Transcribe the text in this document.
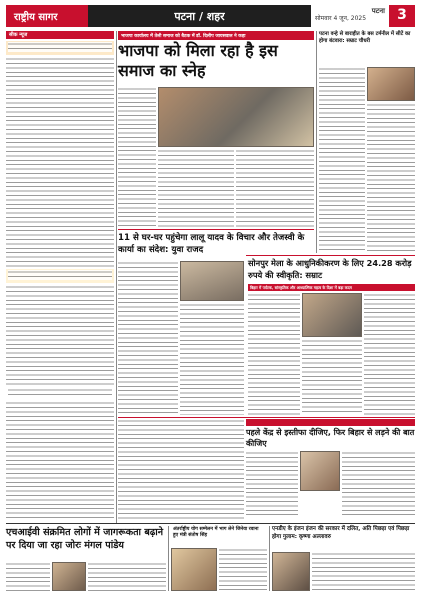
राष्ट्रीय सागर	पटना / शहर	पटना
सोमवार 4 जून, 2025	3
सीक न्यूज	भाजपा कार्यालय में तेली समाज को बैठक में डॉ. दिलीप जायसवाल ने कहा
भाजपा को मिला रहा है इस समाज का स्नेह
11 से घर-घर पहुंचेगा लालू यादव के विचार और तेजस्वी के कार्या का संदेश: युवा राजद
पटना वन्हे से बाराहीत के बस टर्मनील में सीटें का होगा बंटवारा: सम्राट चौधरी
सोनपुर मेला के आधुनिकीकरण के लिए 24.28 करोड़ रुपये की स्वीकृति: सम्राट
बिहार में पर्यटक, सांस्कृतिक और आध्यात्मिक महत्व के दिशा में बड़ा कदम
पहले केंद्र से इस्तीफा दीजिए, फिर बिहार से लड़ने की बात कीजिए
एचआईवी संक्रमित लोगों में जागरूकता बढ़ाने पर दिया जा रहा जोरः मंगल पांडेय
अंतर्राष्ट्रीय योग सम्मेलन में भाग लेने जिनेवा रवाना हुए मंत्री संतोष सिंह
एनडीए के इंजन इंजन की सरकार में दलित, अति पिछड़ा एवं पिछड़ा होगा गुलाम: कृष्णा अल्लावरु
